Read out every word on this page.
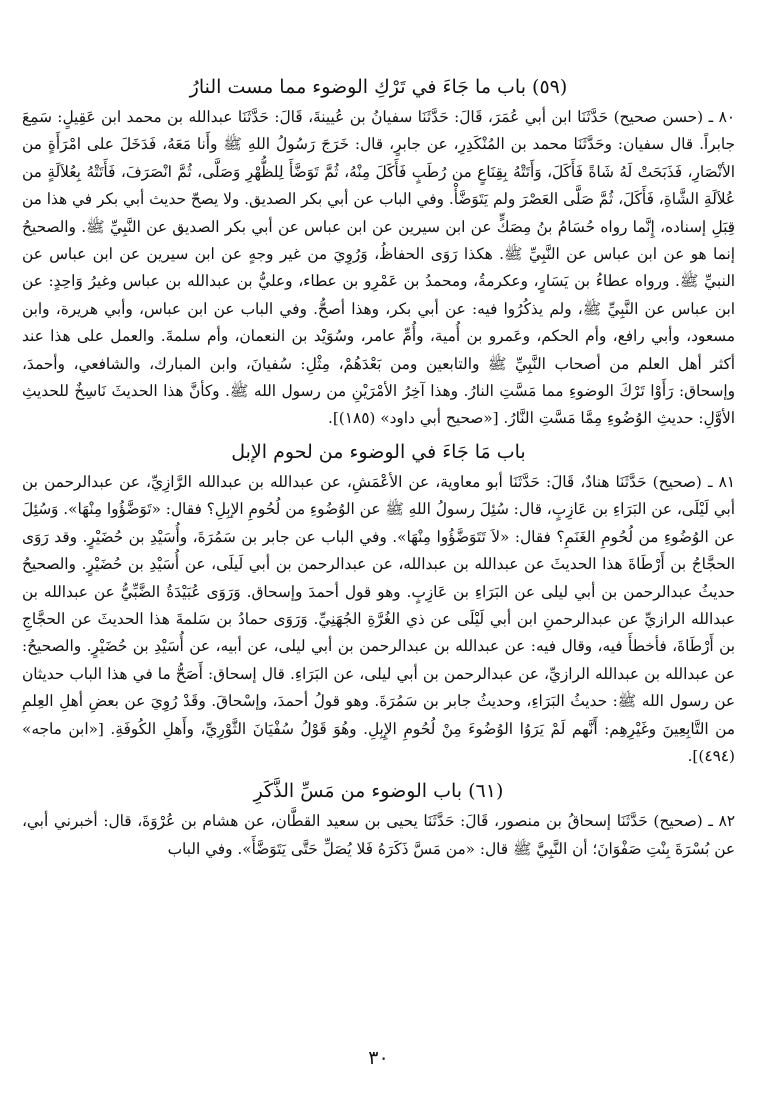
(٥٩) باب ما جَاءَ في تَرْكِ الوضوء مما مست النارُ

٨٠ ـ (حسن صحيح) حَدَّثَنَا ابن أبي عُمَرَ، قَالَ: حَدَّثَنَا سفيانُ بن عُيينةَ، قَالَ: حَدَّثَنَا عبدالله بن محمد ابن عَقِيلٍ: سَمِعَ جابراً. قال سفيان: وحَدَّثَنَا محمد بن المُنْكَدِرِ، عن جابرٍ، قال: خَرَجَ رَسُولُ اللهِ ﷺ وأَنا مَعَهُ، فَدَخَلَ على امْرَأَةٍ من الأنْصَارِ، فَذَبَحَتْ لَهُ شَاةً فَأَكَلَ، وَأَتَتْهُ بِقِنَاعٍ من رُطَبٍ فَأَكَلَ مِنْهُ، ثُمَّ تَوَضَّأَ لِلظُّهْرِ وَصَلَّى، ثُمَّ انْصَرَفَ، فَأَتَتْهُ بِعُلاَلَةٍ من عُلاَلَةِ الشَّاةِ، فَأَكَلَ، ثُمَّ صَلَّى العَصْرَ ولم يَتَوَضَّأْ. وفي الباب عن أبي بكر الصديق. ولا يصحّ حديث أبي بكر في هذا من قِبَلِ إسناده، إِنَّما رواه حُسَامُ بنُ مِصَكٍّ عن ابن سيرين عن ابن عباس عن أبي بكر الصديق عن النَّبِيِّ ﷺ. والصحيحُ إنما هو عن ابن عباس عن النَّبِيِّ ﷺ. هكذا رَوَى الحفاظُ، وَرُوِيَ من غير وجهٍ عن ابن سيرين عن ابن عباس عن النبيِّ ﷺ. ورواه عطاءُ بن يَسَارٍ، وعكرمةُ، ومحمدُ بن عَمْرِو بن عطاء، وعليُّ بن عبدالله بن عباس وغيرُ وَاحِدٍ: عن ابن عباس عن النَّبِيِّ ﷺ، ولم يذكُرُوا فيه: عن أبي بكر، وهذا أصحُّ. وفي الباب عن ابن عباس، وأبي هريرة، وابن مسعود، وأبي رافع، وأم الحكم، وعَمرو بن أُمية، وأُمِّ عامر، وسُوَيْد بن النعمان، وأم سلمةَ. والعمل على هذا عند أكثر أهل العلم من أصحاب النَّبِيِّ ﷺ والتابعين ومن بَعْدَهُمْ، مِثْلِ: سُفيانَ، وابن المبارك، والشافعي، وأحمدَ، وإسحاق: رَأَوْا تَرْكَ الوضوءِ مما مَسَّتِ النارُ. وهذا آخِرُ الأمْرَيْنِ من رسول الله ﷺ. وكأنَّ هذا الحديثَ نَاسِخٌ للحديثِ الأوَّلِ: حديثِ الوُضُوءِ مِمَّا مَسَّتِ النَّارُ. [«صحيح أبي داود» (١٨٥)].

باب مَا جَاءَ في الوضوء من لحوم الإبل

٨١ ـ (صحيح) حَدَّثَنَا هنادٌ، قَالَ: حَدَّثَنَا أبو معاوية، عن الأعْمَشِ، عن عبدالله بن عبدالله الرَّازِيِّ، عن عبدالرحمن بن أبي لَيْلَى، عن البَرَاءِ بن عَازِبٍ، قال: سُئِلَ رسولُ اللهِ ﷺ عن الوُضُوءِ من لُحُومِ الإبِلِ؟ فقال: «تَوَضَّؤُوا مِنْهَا». وَسُئِلَ عن الوُضُوءِ من لُحُومِ الغَنَمِ؟ فقال: «لاَ تَتَوَضَّؤُوا مِنْهَا». وفي الباب عن جابر بن سَمُرَةَ، وأُسَيْدِ بن حُضَيْرٍ. وقد رَوَى الحجَّاجُ بن أَرْطَاةَ هذا الحديثَ عن عبدالله بن عبدالله، عن عبدالرحمن بن أبي لَيلَى، عن أُسَيْدِ بن حُضَيْرٍ. والصحيحُ حديثُ عبدالرحمن بن أبي ليلى عن البَرَاءِ بن عَازِبٍ. وهو قول أحمدَ وإسحاق. وَرَوَى عُبَيْدَةُ الضَّبِّيُّ عن عبدالله بن عبدالله الرازيِّ عن عبدالرحمنِ ابن أبي لَيْلَى عن ذي الغُرَّةِ الجُهَنِيِّ. وَرَوَى حمادُ بن سَلمةَ هذا الحديثَ عن الحجَّاجِ بن أَرْطَاةَ، فأخطأَ فيه، وقال فيه: عن عبدالله بن عبدالرحمن بن أبي ليلى، عن أبيه، عن أُسَيْدِ بن حُضَيْرٍ. والصحيحُ: عن عبدالله بن عبدالله الرازيِّ، عن عبدالرحمن بن أبي ليلى، عن البَرَاءِ. قال إسحاق: أَصَحُّ ما في هذا الباب حديثان عن رسول الله ﷺ: حديثُ البَرَاءِ، وحديثُ جابر بن سَمُرَةَ. وهو قولُ أحمدَ، وإسْحاقَ. وقَدْ رُوِيَ عن بعضِ أهلِ العِلمِ من التَّابِعِينَ وغَيْرِهِم: أَنَّهم لَمْ يَرَوُا الوُضُوءَ مِنْ لُحُومِ الإِبِلِ. وهُوَ قَوْلُ سُفْيَانَ الثَّوْرِيِّ، وأَهلِ الكُوفَةِ. [«ابن ماجه» (٤٩٤)].

(٦١) باب الوضوء من مَسِّ الذَّكَرِ

٨٢ ـ (صحيح) حَدَّثَنَا إسحاقُ بن منصور، قَالَ: حَدَّثَنَا يحيى بن سعيد القطَّان، عن هشام بن عُرْوَةَ، قال: أخبرني أبي، عن بُسْرَةَ بِنْتِ صَفْوَانَ؛ أن النَّبِيَّ ﷺ قال: «من مَسَّ ذَكَرَهُ فَلا يُصَلِّ حَتَّى يَتَوَضَّأَ». وفي الباب

٣٠
